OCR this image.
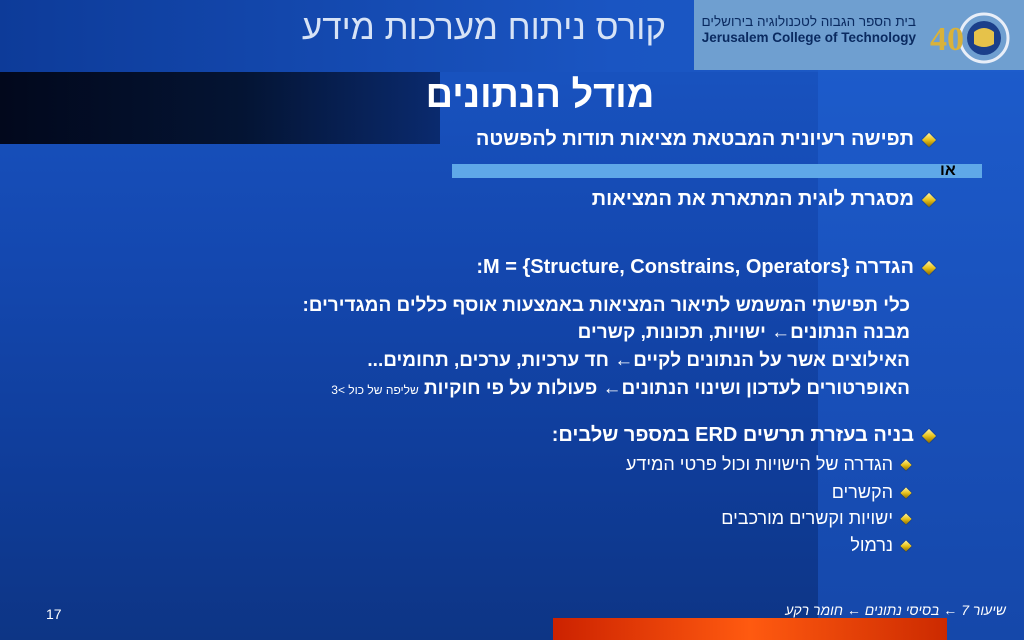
קורס ניתוח מערכות מידע	בית הספר הגבוה לטכנולוגיה בירושלים
Jerusalem College of Technology 40
מודל הנתונים
או
תפישה רעיונית המבטאת מציאות תודות להפשטה
מסגרת לוגית המתארת את המציאות
הגדרה {M = {Structure, Constrains, Operators:
כלי תפישתי המשמש לתיאור המציאות באמצעות אוסף כללים המגדירים:
מבנה הנתונים← ישויות, תכונות, קשרים
האילוצים אשר על הנתונים לקיים← חד ערכיות, ערכים, תחומים...
האופרטורים לעדכון ושינוי הנתונים← פעולות על פי חוקיות שליפה של כול >3
בניה בעזרת תרשים ERD במספר שלבים:
הגדרה של הישויות וכול פרטי המידע
הקשרים
ישויות וקשרים מורכבים
נרמול
17	שיעור 7 ← בסיסי נתונים ← חומר רקע
